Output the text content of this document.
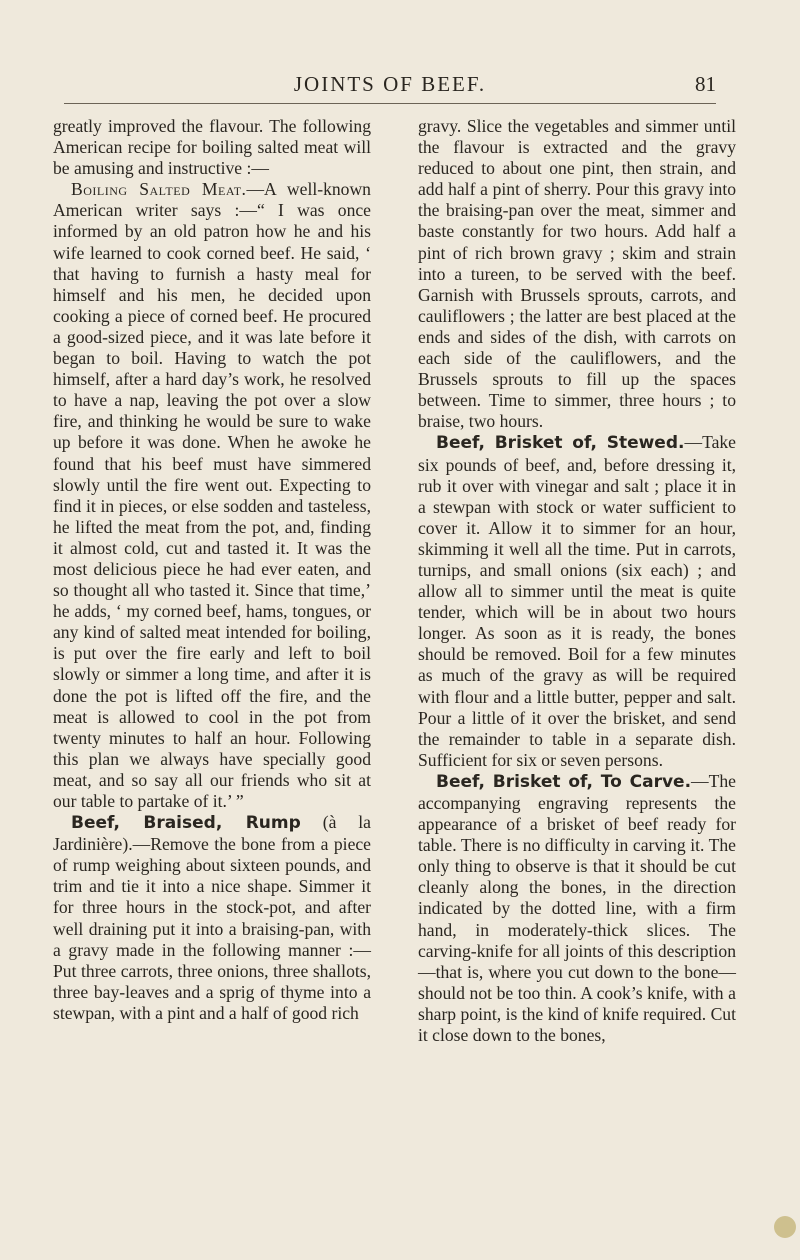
JOINTS OF BEEF.	81

greatly improved the flavour. The following American recipe for boiling salted meat will be amusing and instructive :—

Boiling Salted Meat.—A well-known American writer says :—“ I was once informed by an old patron how he and his wife learned to cook corned beef. He said, ‘ that having to furnish a hasty meal for himself and his men, he decided upon cooking a piece of corned beef. He procured a good-sized piece, and it was late before it began to boil. Having to watch the pot himself, after a hard day’s work, he resolved to have a nap, leaving the pot over a slow fire, and thinking he would be sure to wake up before it was done. When he awoke he found that his beef must have simmered slowly until the fire went out. Expecting to find it in pieces, or else sodden and tasteless, he lifted the meat from the pot, and, finding it almost cold, cut and tasted it. It was the most delicious piece he had ever eaten, and so thought all who tasted it. Since that time,’ he adds, ‘ my corned beef, hams, tongues, or any kind of salted meat intended for boiling, is put over the fire early and left to boil slowly or simmer a long time, and after it is done the pot is lifted off the fire, and the meat is allowed to cool in the pot from twenty minutes to half an hour. Following this plan we always have specially good meat, and so say all our friends who sit at our table to partake of it.’ ”

Beef, Braised, Rump (à la Jardinière).—Remove the bone from a piece of rump weighing about sixteen pounds, and trim and tie it into a nice shape. Simmer it for three hours in the stock-pot, and after well draining put it into a braising-pan, with a gravy made in the following manner :—Put three carrots, three onions, three shallots, three bay-leaves and a sprig of thyme into a stewpan, with a pint and a half of good rich

gravy. Slice the vegetables and simmer until the flavour is extracted and the gravy reduced to about one pint, then strain, and add half a pint of sherry. Pour this gravy into the braising-pan over the meat, simmer and baste constantly for two hours. Add half a pint of rich brown gravy ; skim and strain into a tureen, to be served with the beef. Garnish with Brussels sprouts, carrots, and cauliflowers ; the latter are best placed at the ends and sides of the dish, with carrots on each side of the cauliflowers, and the Brussels sprouts to fill up the spaces between. Time to simmer, three hours ; to braise, two hours.

Beef, Brisket of, Stewed.—Take six pounds of beef, and, before dressing it, rub it over with vinegar and salt ; place it in a stewpan with stock or water sufficient to cover it. Allow it to simmer for an hour, skimming it well all the time. Put in carrots, turnips, and small onions (six each) ; and allow all to simmer until the meat is quite tender, which will be in about two hours longer. As soon as it is ready, the bones should be removed. Boil for a few minutes as much of the gravy as will be required with flour and a little butter, pepper and salt. Pour a little of it over the brisket, and send the remainder to table in a separate dish. Sufficient for six or seven persons.

Beef, Brisket of, To Carve.—The accompanying engraving represents the appearance of a brisket of beef ready for table. There is no difficulty in carving it. The only thing to observe is that it should be cut cleanly along the bones, in the direction indicated by the dotted line, with a firm hand, in moderately-thick slices. The carving-knife for all joints of this description—that is, where you cut down to the bone—should not be too thin. A cook’s knife, with a sharp point, is the kind of knife required. Cut it close down to the bones,
